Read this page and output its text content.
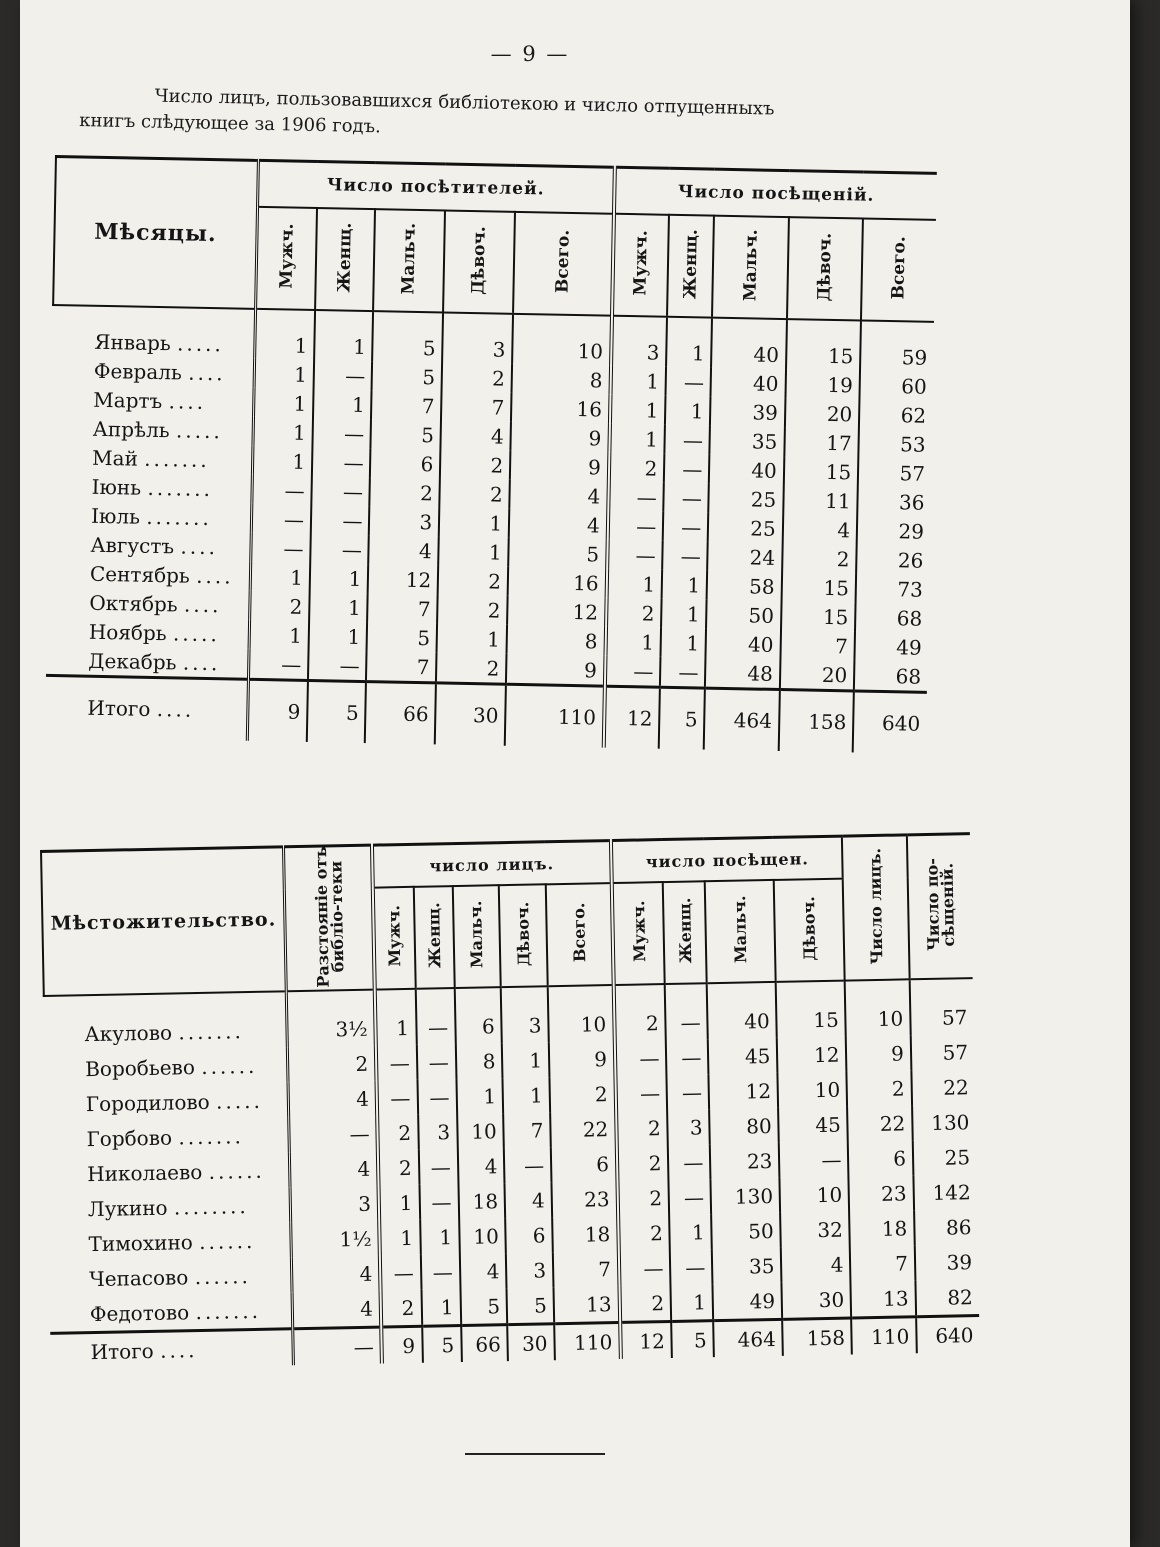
— 9 —
Число лицъ, пользовавшихся библіотекою и число отпущенныхъ
книгъ слѣдующее за 1906 годъ.
Мѣсяцы.	Число посѣтителей.					Число посѣщеній.				
	Мужч.	Женщ.	Мальч.	Дѣвоч.	Всего.	Мужч.	Женщ.	Мальч.	Дѣвоч.	Всего.
Январь .....	1	1	5	3	10	3	1	40	15	59
Февраль ....	1	—	5	2	8	1	—	40	19	60
Мартъ ....	1	1	7	7	16	1	1	39	20	62
Апрѣль .....	1	—	5	4	9	1	—	35	17	53
Май .......	1	—	6	2	9	2	—	40	15	57
Іюнь .......	—	—	2	2	4	—	—	25	11	36
Іюль .......	—	—	3	1	4	—	—	25	4	29
Августъ ....	—	—	4	1	5	—	—	24	2	26
Сентябрь ....	1	1	12	2	16	1	1	58	15	73
Октябрь ....	2	1	7	2	12	2	1	50	15	68
Ноябрь .....	1	1	5	1	8	1	1	40	7	49
Декабрь ....	—	—	7	2	9	—	—	48	20	68
Итого ....	9	5	66	30	110	12	5	464	158	640
Мѣстожительство.	Разстояніе отъ библіо-теки	число лицъ.					число посѣщен.				Число лицъ.	Число по-сѣщеній.
		Мужч.	Женщ.	Мальч.	Дѣвоч.	Всего.	Мужч.	Женщ.	Мальч.	Дѣвоч.		
Акулово .......	3½	1	—	6	3	10	2	—	40	15	10	57
Воробьево ......	2	—	—	8	1	9	—	—	45	12	9	57
Городилово .....	4	—	—	1	1	2	—	—	12	10	2	22
Горбово .......	—	2	3	10	7	22	2	3	80	45	22	130
Николаево ......	4	2	—	4	—	6	2	—	23	—	6	25
Лукино ........	3	1	—	18	4	23	2	—	130	10	23	142
Тимохино ......	1½	1	1	10	6	18	2	1	50	32	18	86
Чепасово ......	4	—	—	4	3	7	—	—	35	4	7	39
Федотово .......	4	2	1	5	5	13	2	1	49	30	13	82
Итого ....	—	9	5	66	30	110	12	5	464	158	110	640
